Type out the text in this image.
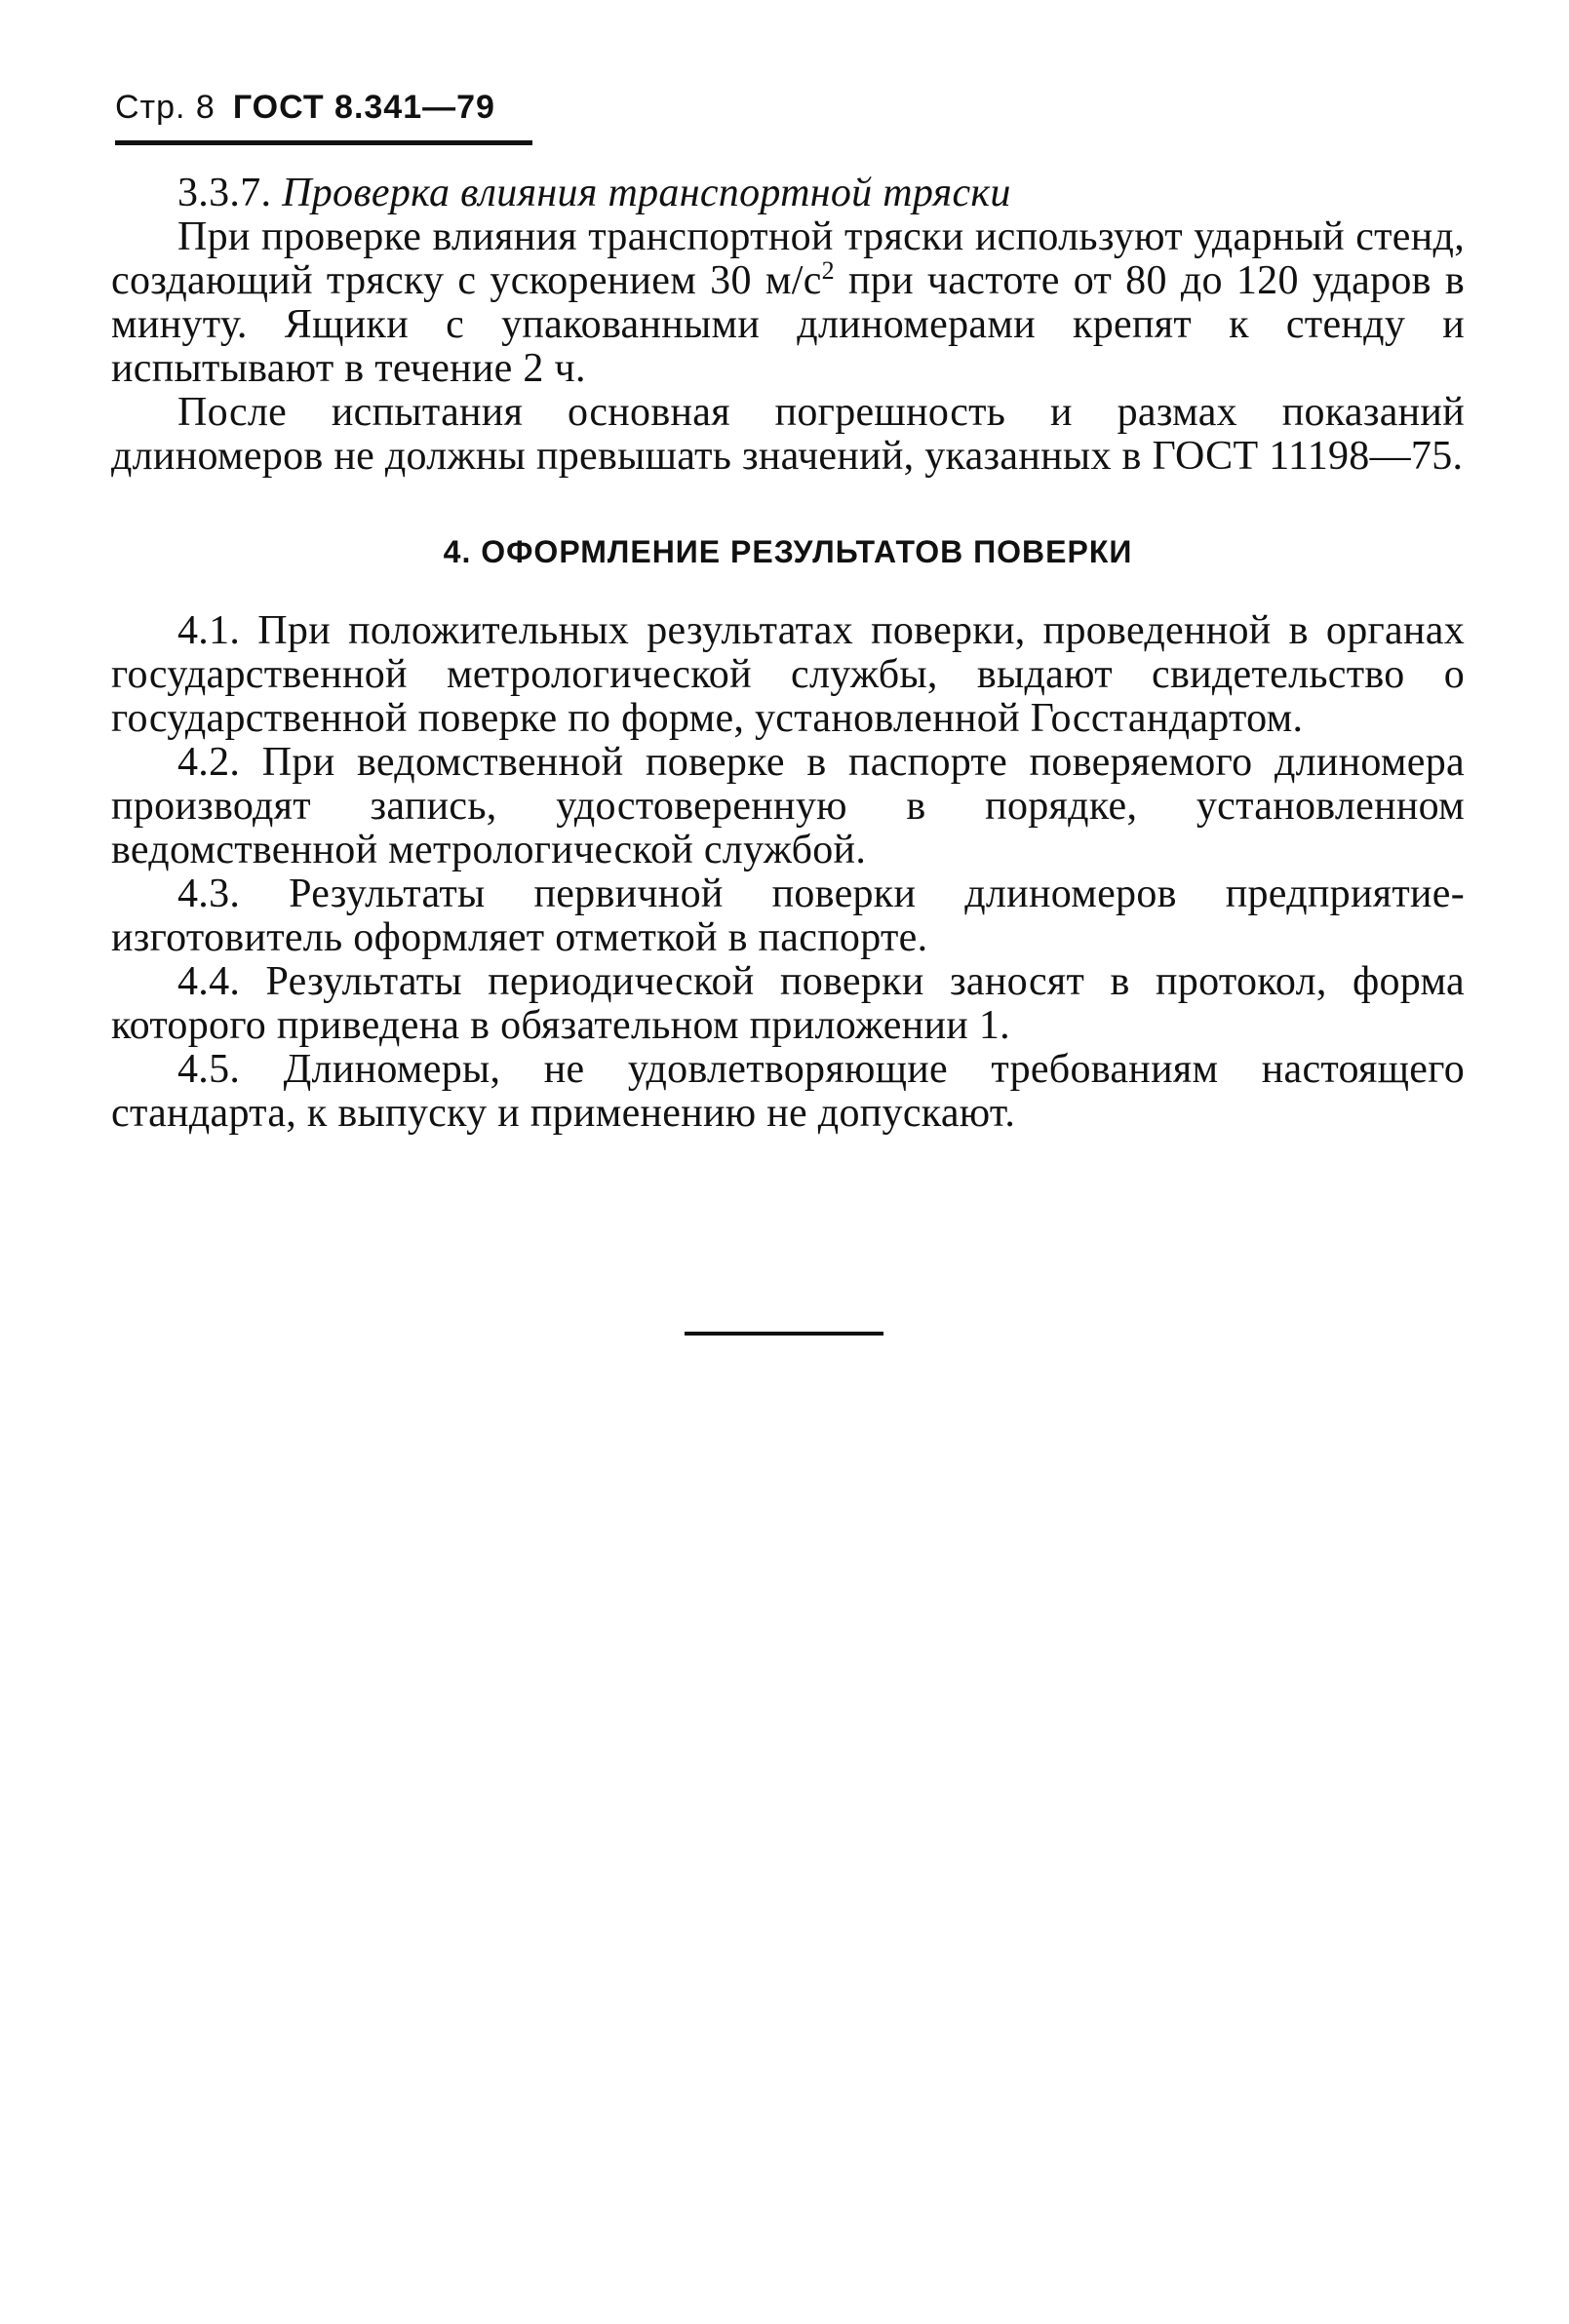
Стр. 8 ГОСТ 8.341—79

3.3.7. Проверка влияния транспортной тряски

При проверке влияния транспортной тряски используют ударный стенд, создающий тряску с ускорением 30 $м/с^2$ при частоте от 80 до 120 ударов в минуту. Ящики с упакованными длиномерами крепят к стенду и испытывают в течение 2 ч.

После испытания основная погрешность и размах показаний длиномеров не должны превышать значений, указанных в ГОСТ 11198—75.

4. ОФОРМЛЕНИЕ РЕЗУЛЬТАТОВ ПОВЕРКИ

4.1. При положительных результатах поверки, проведенной в органах государственной метрологической службы, выдают свидетельство о государственной поверке по форме, установленной Госстандартом.

4.2. При ведомственной поверке в паспорте поверяемого длиномера производят запись, удостоверенную в порядке, установленном ведомственной метрологической службой.

4.3. Результаты первичной поверки длиномеров предприятие-изготовитель оформляет отметкой в паспорте.

4.4. Результаты периодической поверки заносят в протокол, форма которого приведена в обязательном приложении 1.

4.5. Длиномеры, не удовлетворяющие требованиям настоящего стандарта, к выпуску и применению не допускают.
